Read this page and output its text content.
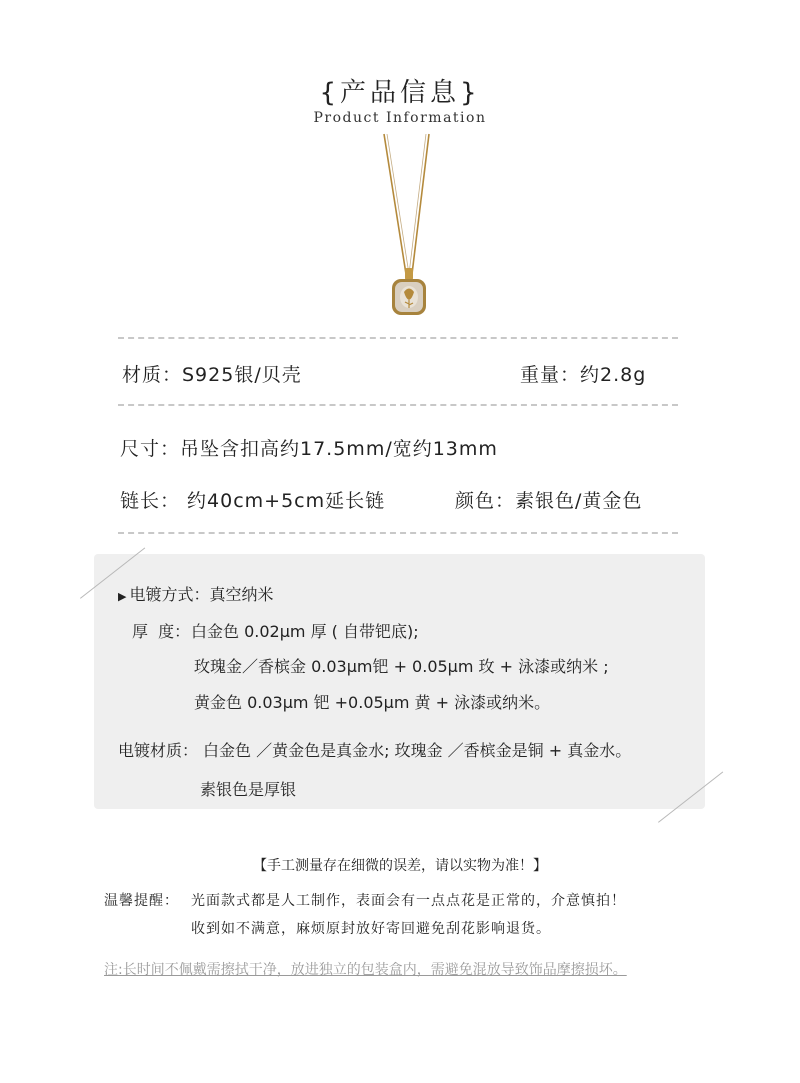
{产品信息}
Product Information
材质：S925银/贝壳	重量：约2.8g
尺寸：吊坠含扣高约17.5mm/宽约13mm
链长： 约40cm+5cm延长链	颜色：素银色/黄金色
▶ 电镀方式：真空纳米
厚  度： 白金色 0.02μm 厚 ( 自带钯底);
玫瑰金／香槟金 0.03μm钯 + 0.05μm 玫 + 泳漆或纳米 ;
黄金色 0.03μm 钯 +0.05μm 黄 + 泳漆或纳米。
电镀材质： 白金色 ／黄金色是真金水; 玫瑰金 ／香槟金是铜 + 真金水。
素银色是厚银
【手工测量存在细微的误差，请以实物为准！】
温馨提醒： 光面款式都是人工制作，表面会有一点点花是正常的，介意慎拍！
收到如不满意，麻烦原封放好寄回避免刮花影响退货。
注:长时间不佩戴需擦拭干净，放进独立的包装盒内，需避免混放导致饰品摩擦损坏。
